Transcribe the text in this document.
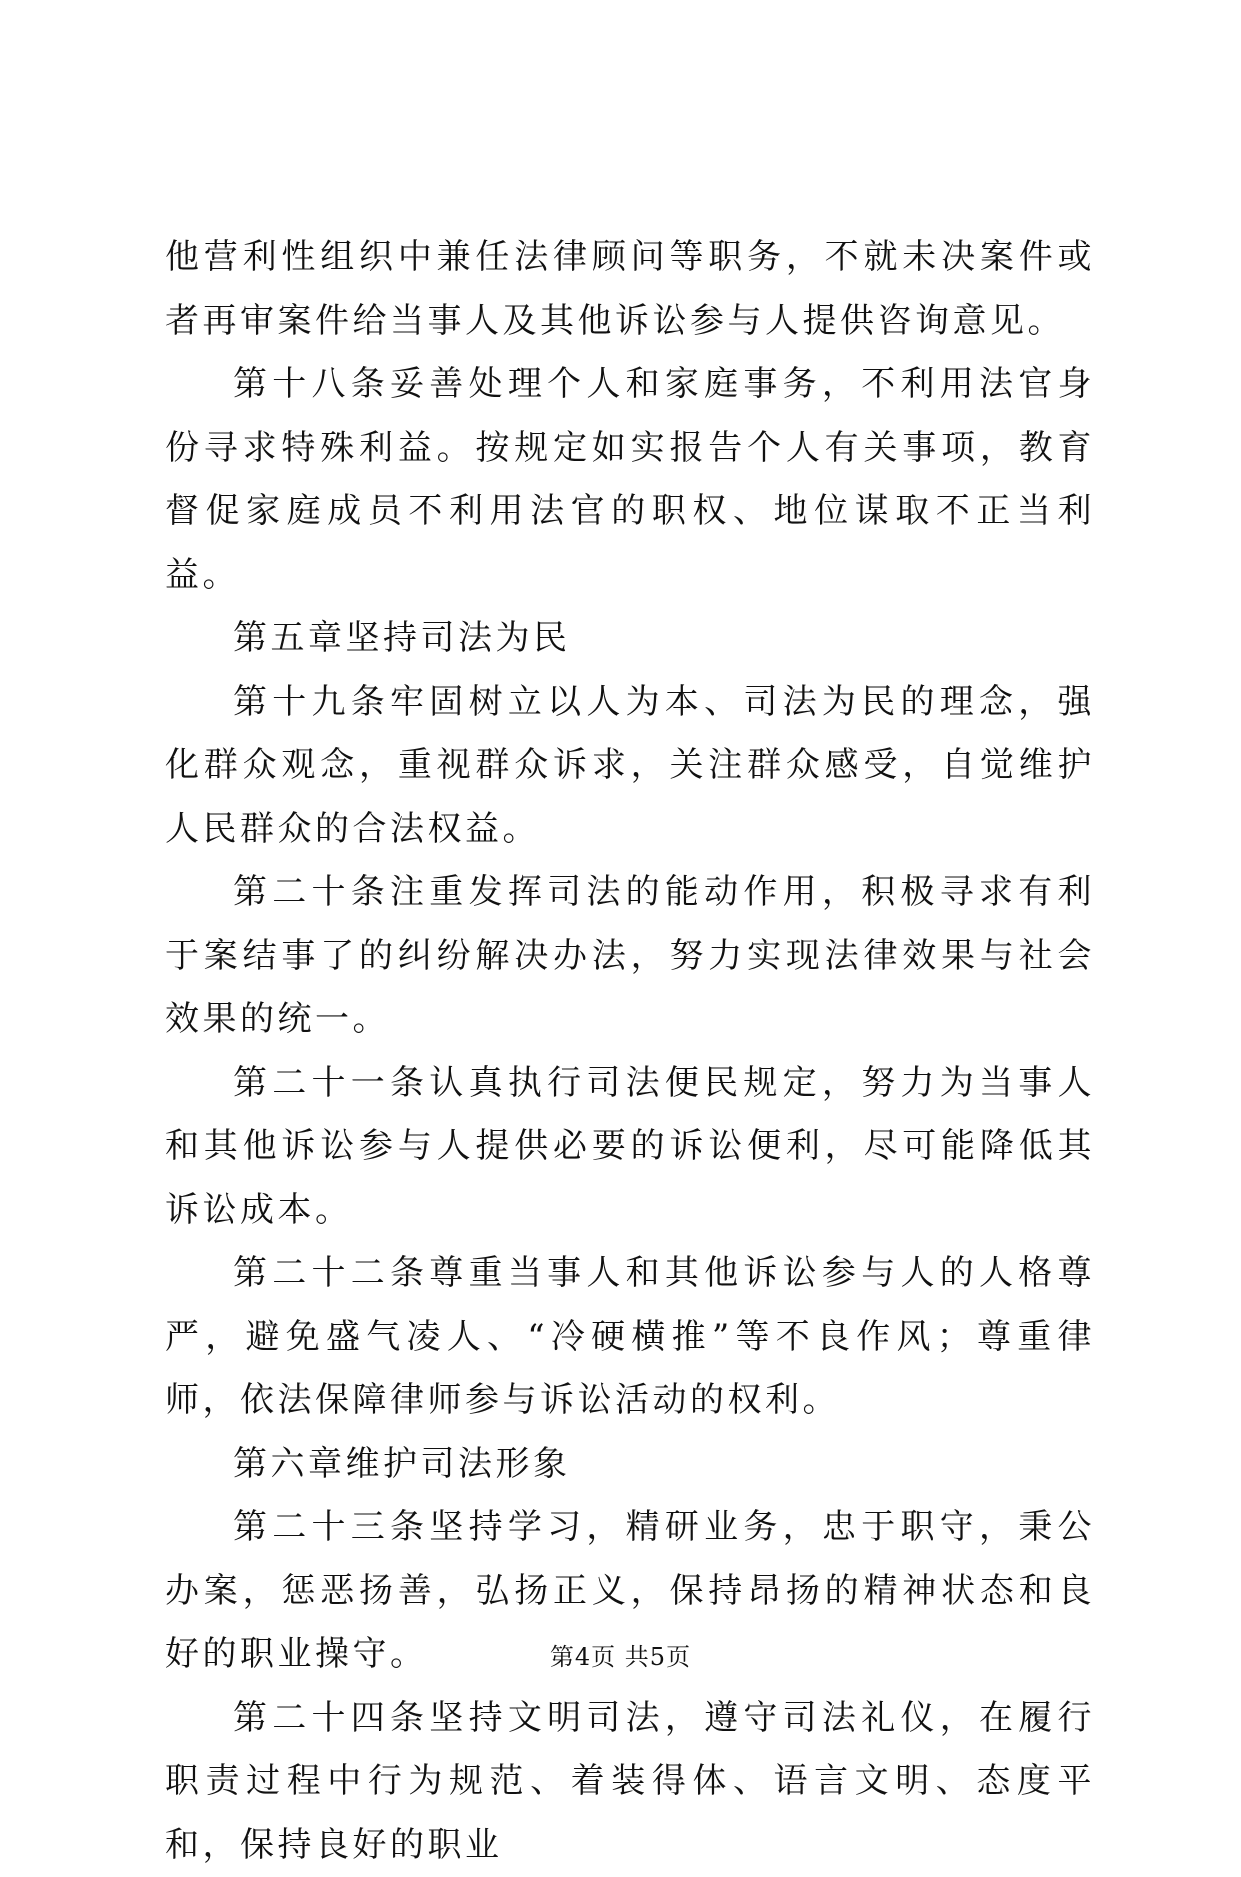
他营利性组织中兼任法律顾问等职务，不就未决案件或者再审案件给当事人及其他诉讼参与人提供咨询意见。

第十八条妥善处理个人和家庭事务，不利用法官身份寻求特殊利益。按规定如实报告个人有关事项，教育督促家庭成员不利用法官的职权、地位谋取不正当利益。

第五章坚持司法为民

第十九条牢固树立以人为本、司法为民的理念，强化群众观念，重视群众诉求，关注群众感受，自觉维护人民群众的合法权益。

第二十条注重发挥司法的能动作用，积极寻求有利于案结事了的纠纷解决办法，努力实现法律效果与社会效果的统一。

第二十一条认真执行司法便民规定，努力为当事人和其他诉讼参与人提供必要的诉讼便利，尽可能降低其诉讼成本。

第二十二条尊重当事人和其他诉讼参与人的人格尊严，避免盛气凌人、“冷硬横推”等不良作风；尊重律师，依法保障律师参与诉讼活动的权利。

第六章维护司法形象

第二十三条坚持学习，精研业务，忠于职守，秉公办案，惩恶扬善，弘扬正义，保持昂扬的精神状态和良好的职业操守。

第二十四条坚持文明司法，遵守司法礼仪，在履行职责过程中行为规范、着装得体、语言文明、态度平和，保持良好的职业

第4页 共5页
